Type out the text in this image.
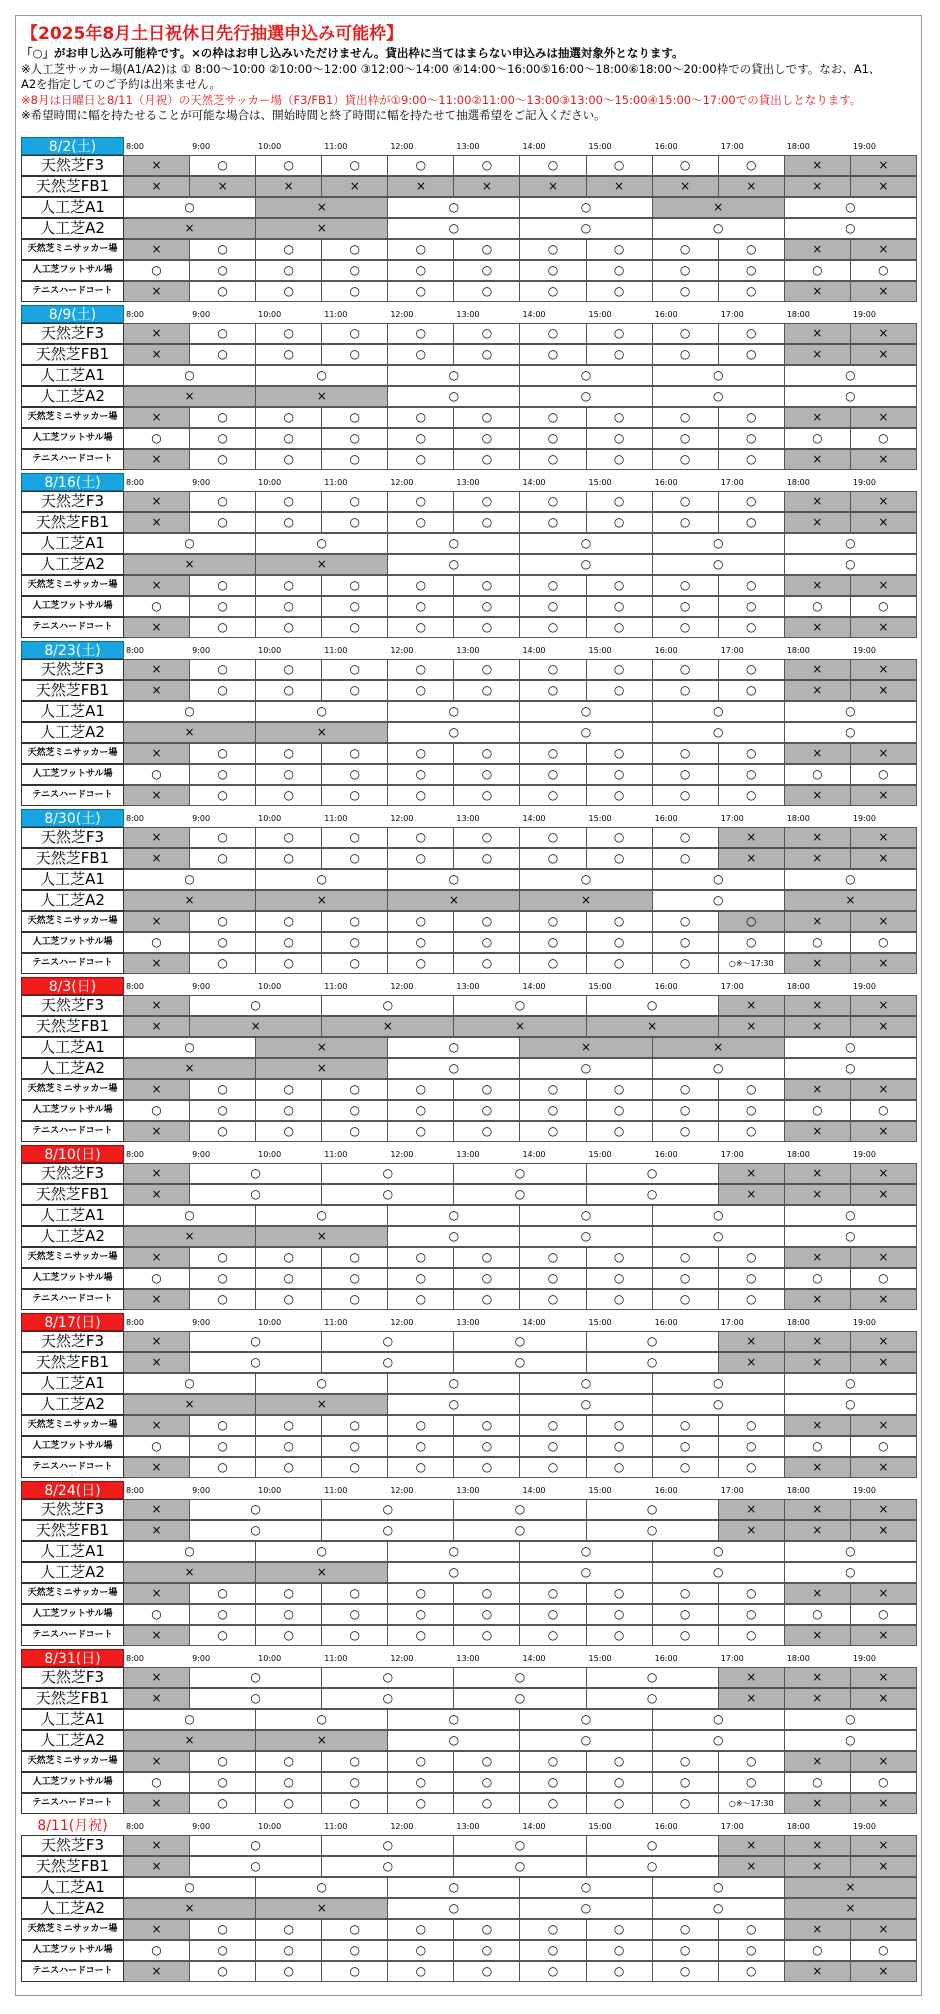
【2025年8月土日祝休日先行抽選申込み可能枠】
「○」がお申し込み可能枠です。×の枠はお申し込みいただけません。貸出枠に当てはまらない申込みは抽選対象外となります。
※人工芝サッカー場(A1/A2)は ① 8:00〜10:00 ②10:00〜12:00 ③12:00〜14:00 ④14:00〜16:00⑤16:00〜18:00⑥18:00〜20:00枠での貸出しです。なお、A1、
A2を指定してのご予約は出来ません。
※8月は日曜日と8/11（月祝）の天然芝サッカー場（F3/FB1）貸出枠が①9:00〜11:00②11:00〜13:00③13:00〜15:00④15:00〜17:00での貸出しとなります。
※希望時間に幅を持たせることが可能な場合は、開始時間と終了時間に幅を持たせて抽選希望をご記入ください。
8/2(土)	8:00	9:00	10:00	11:00	12:00	13:00	14:00	15:00	16:00	17:00	18:00	19:00
天然芝F3	×	○	○	○	○	○	○	○	○	○	×	×
天然芝FB1	×	×	×	×	×	×	×	×	×	×	×	×
人工芝A1	○	×	○	○	×	○
人工芝A2	×	×	○	○	○	○
天然芝ミニサッカー場	×	○	○	○	○	○	○	○	○	○	×	×
人工芝フットサル場	○	○	○	○	○	○	○	○	○	○	○	○
テニスハードコート	×	○	○	○	○	○	○	○	○	○	×	×
8/9(土)	8:00	9:00	10:00	11:00	12:00	13:00	14:00	15:00	16:00	17:00	18:00	19:00
天然芝F3	×	○	○	○	○	○	○	○	○	○	×	×
天然芝FB1	×	○	○	○	○	○	○	○	○	○	×	×
人工芝A1	○	○	○	○	○	○
人工芝A2	×	×	○	○	○	○
天然芝ミニサッカー場	×	○	○	○	○	○	○	○	○	○	×	×
人工芝フットサル場	○	○	○	○	○	○	○	○	○	○	○	○
テニスハードコート	×	○	○	○	○	○	○	○	○	○	×	×
8/16(土)	8:00	9:00	10:00	11:00	12:00	13:00	14:00	15:00	16:00	17:00	18:00	19:00
天然芝F3	×	○	○	○	○	○	○	○	○	○	×	×
天然芝FB1	×	○	○	○	○	○	○	○	○	○	×	×
人工芝A1	○	○	○	○	○	○
人工芝A2	×	×	○	○	○	○
天然芝ミニサッカー場	×	○	○	○	○	○	○	○	○	○	×	×
人工芝フットサル場	○	○	○	○	○	○	○	○	○	○	○	○
テニスハードコート	×	○	○	○	○	○	○	○	○	○	×	×
8/23(土)	8:00	9:00	10:00	11:00	12:00	13:00	14:00	15:00	16:00	17:00	18:00	19:00
天然芝F3	×	○	○	○	○	○	○	○	○	○	×	×
天然芝FB1	×	○	○	○	○	○	○	○	○	○	×	×
人工芝A1	○	○	○	○	○	○
人工芝A2	×	×	○	○	○	○
天然芝ミニサッカー場	×	○	○	○	○	○	○	○	○	○	×	×
人工芝フットサル場	○	○	○	○	○	○	○	○	○	○	○	○
テニスハードコート	×	○	○	○	○	○	○	○	○	○	×	×
8/30(土)	8:00	9:00	10:00	11:00	12:00	13:00	14:00	15:00	16:00	17:00	18:00	19:00
天然芝F3	×	○	○	○	○	○	○	○	○	×	×	×
天然芝FB1	×	○	○	○	○	○	○	○	○	×	×	×
人工芝A1	○	○	○	○	○	○
人工芝A2	×	×	×	×	○	×
天然芝ミニサッカー場	×	○	○	○	○	○	○	○	○	○	×	×
人工芝フットサル場	○	○	○	○	○	○	○	○	○	○	○	○
テニスハードコート	×	○	○	○	○	○	○	○	○	○※〜17:30	×	×
8/3(日)	8:00	9:00	10:00	11:00	12:00	13:00	14:00	15:00	16:00	17:00	18:00	19:00
天然芝F3	×	○	○	○	○	×	×	×
天然芝FB1	×	×	×	×	×	×	×	×
人工芝A1	○	×	○	×	×	○
人工芝A2	×	×	○	○	○	○
天然芝ミニサッカー場	×	○	○	○	○	○	○	○	○	○	×	×
人工芝フットサル場	○	○	○	○	○	○	○	○	○	○	○	○
テニスハードコート	×	○	○	○	○	○	○	○	○	○	×	×
8/10(日)	8:00	9:00	10:00	11:00	12:00	13:00	14:00	15:00	16:00	17:00	18:00	19:00
天然芝F3	×	○	○	○	○	×	×	×
天然芝FB1	×	○	○	○	○	×	×	×
人工芝A1	○	○	○	○	○	○
人工芝A2	×	×	○	○	○	○
天然芝ミニサッカー場	×	○	○	○	○	○	○	○	○	○	×	×
人工芝フットサル場	○	○	○	○	○	○	○	○	○	○	○	○
テニスハードコート	×	○	○	○	○	○	○	○	○	○	×	×
8/17(日)	8:00	9:00	10:00	11:00	12:00	13:00	14:00	15:00	16:00	17:00	18:00	19:00
天然芝F3	×	○	○	○	○	×	×	×
天然芝FB1	×	○	○	○	○	×	×	×
人工芝A1	○	○	○	○	○	○
人工芝A2	×	×	○	○	○	○
天然芝ミニサッカー場	×	○	○	○	○	○	○	○	○	○	×	×
人工芝フットサル場	○	○	○	○	○	○	○	○	○	○	○	○
テニスハードコート	×	○	○	○	○	○	○	○	○	○	×	×
8/24(日)	8:00	9:00	10:00	11:00	12:00	13:00	14:00	15:00	16:00	17:00	18:00	19:00
天然芝F3	×	○	○	○	○	×	×	×
天然芝FB1	×	○	○	○	○	×	×	×
人工芝A1	○	○	○	○	○	○
人工芝A2	×	×	○	○	○	○
天然芝ミニサッカー場	×	○	○	○	○	○	○	○	○	○	×	×
人工芝フットサル場	○	○	○	○	○	○	○	○	○	○	○	○
テニスハードコート	×	○	○	○	○	○	○	○	○	○	×	×
8/31(日)	8:00	9:00	10:00	11:00	12:00	13:00	14:00	15:00	16:00	17:00	18:00	19:00
天然芝F3	×	○	○	○	○	×	×	×
天然芝FB1	×	○	○	○	○	×	×	×
人工芝A1	○	○	○	○	○	○
人工芝A2	×	×	○	○	○	○
天然芝ミニサッカー場	×	○	○	○	○	○	○	○	○	○	×	×
人工芝フットサル場	○	○	○	○	○	○	○	○	○	○	○	○
テニスハードコート	×	○	○	○	○	○	○	○	○	○※〜17:30	×	×
8/11(月祝)	8:00	9:00	10:00	11:00	12:00	13:00	14:00	15:00	16:00	17:00	18:00	19:00
天然芝F3	×	○	○	○	○	×	×	×
天然芝FB1	×	○	○	○	○	×	×	×
人工芝A1	○	○	○	○	○	×
人工芝A2	×	×	○	○	○	×
天然芝ミニサッカー場	×	○	○	○	○	○	○	○	○	○	×	×
人工芝フットサル場	○	○	○	○	○	○	○	○	○	○	○	○
テニスハードコート	×	○	○	○	○	○	○	○	○	○	×	×
